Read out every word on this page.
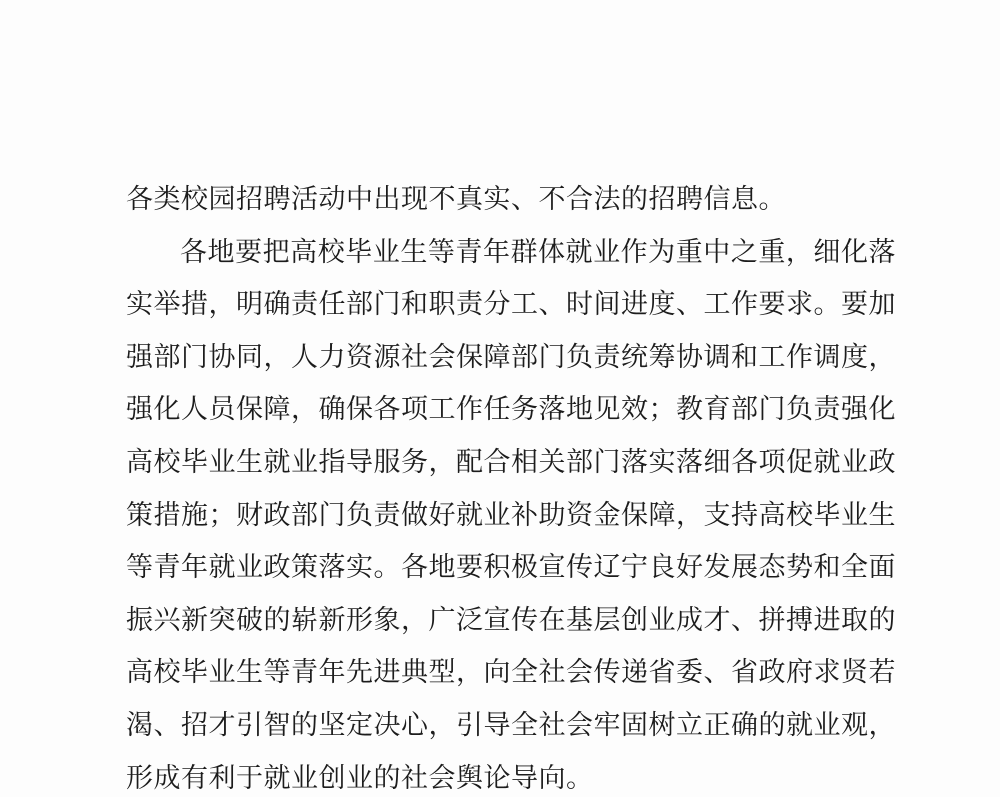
各类校园招聘活动中出现不真实、不合法的招聘信息。
各地要把高校毕业生等青年群体就业作为重中之重，细化落
实举措，明确责任部门和职责分工、时间进度、工作要求。要加
强部门协同，人力资源社会保障部门负责统筹协调和工作调度，
强化人员保障，确保各项工作任务落地见效；教育部门负责强化
高校毕业生就业指导服务，配合相关部门落实落细各项促就业政
策措施；财政部门负责做好就业补助资金保障，支持高校毕业生
等青年就业政策落实。各地要积极宣传辽宁良好发展态势和全面
振兴新突破的崭新形象，广泛宣传在基层创业成才、拼搏进取的
高校毕业生等青年先进典型，向全社会传递省委、省政府求贤若
渴、招才引智的坚定决心，引导全社会牢固树立正确的就业观，
形成有利于就业创业的社会舆论导向。
